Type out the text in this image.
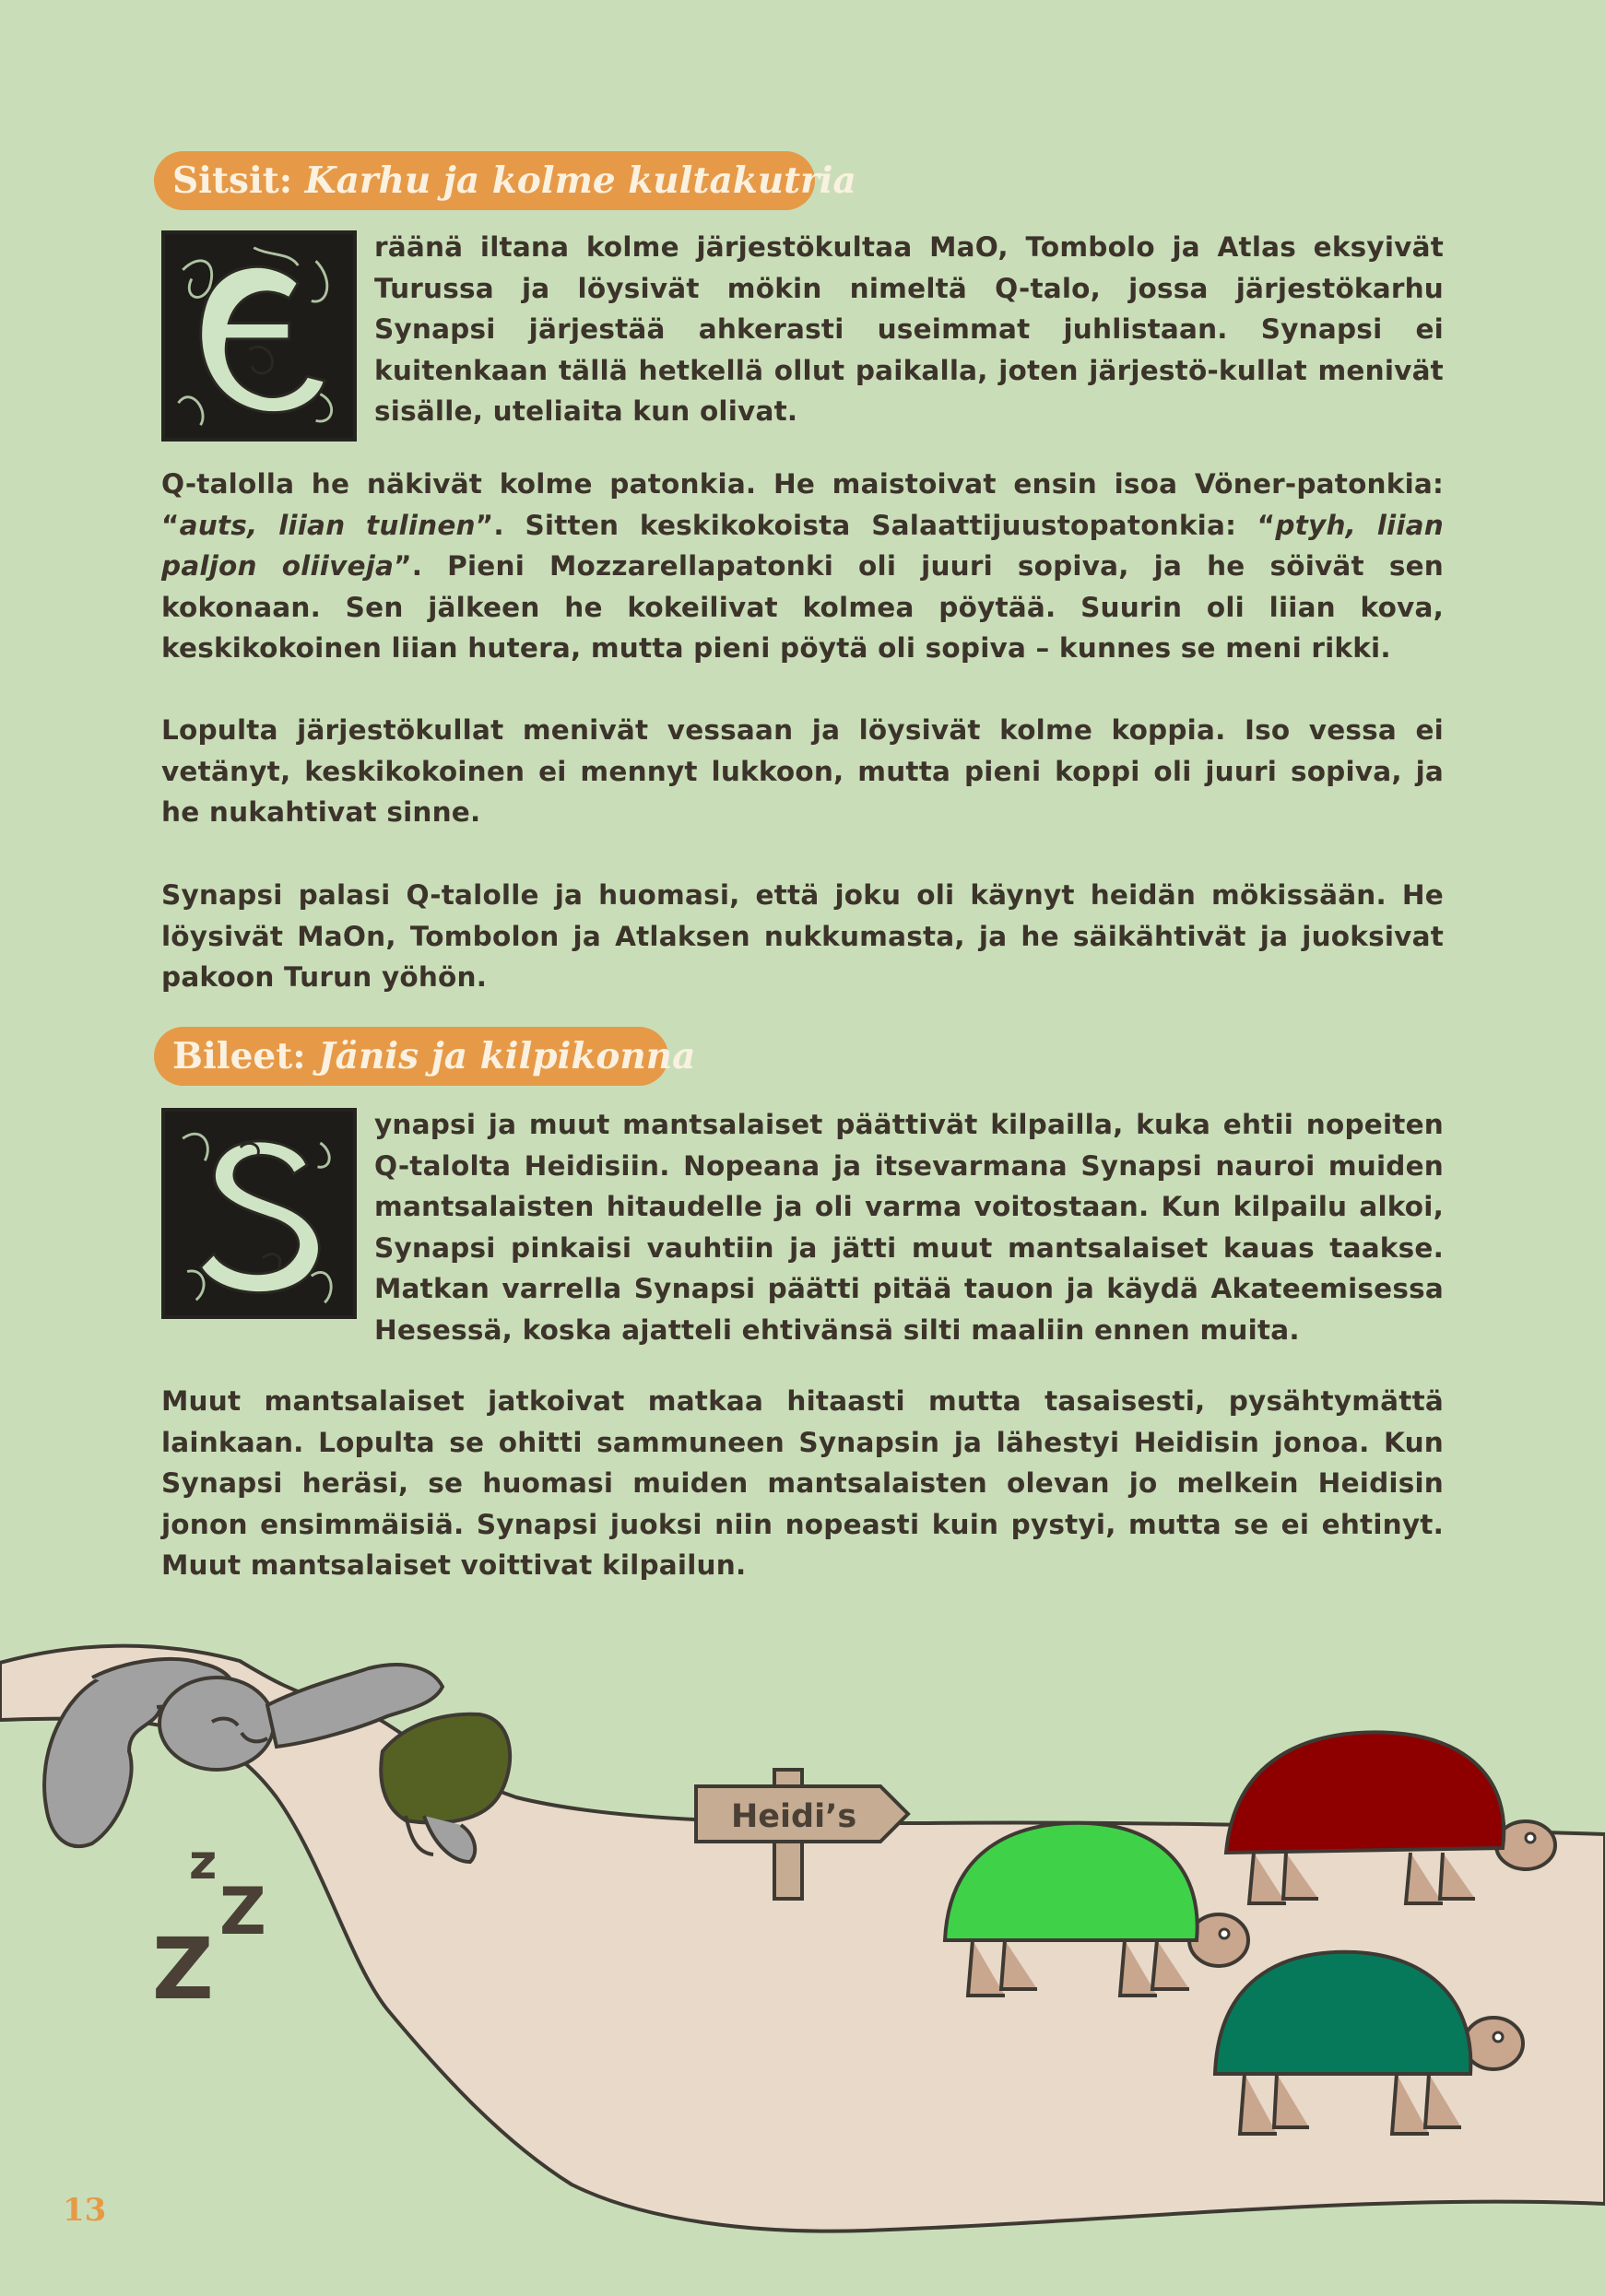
Sitsit: Karhu ja kolme kultakutria
E

räänä iltana kolme järjestökultaa MaO, Tombolo ja Atlas eksyivät Turussa ja löysivät mökin nimeltä Q-talo, jossa järjestökarhu Synapsi järjestää ahkerasti useimmat juhlistaan. Synapsi ei kuitenkaan tällä hetkellä ollut paikalla, joten järjestö-kullat menivät sisälle, uteliaita kun olivat.

Q-talolla he näkivät kolme patonkia. He maistoivat ensin isoa Vöner-patonkia: “auts, liian tulinen”. Sitten keskikokoista Salaattijuustopatonkia: “ptyh, liian paljon oliiveja”. Pieni Mozzarellapatonki oli juuri sopiva, ja he söivät sen kokonaan. Sen jälkeen he kokeilivat kolmea pöytää. Suurin oli liian kova, keskikokoinen liian hutera, mutta pieni pöytä oli sopiva – kunnes se meni rikki.

Lopulta järjestökullat menivät vessaan ja löysivät kolme koppia. Iso vessa ei vetänyt, keskikokoinen ei mennyt lukkoon, mutta pieni koppi oli juuri sopiva, ja he nukahtivat sinne.

Synapsi palasi Q-talolle ja huomasi, että joku oli käynyt heidän mökissään. He löysivät MaOn, Tombolon ja Atlaksen nukkumasta, ja he säikähtivät ja juoksivat pakoon Turun yöhön.

Bileet: Jänis ja kilpikonna
S

ynapsi ja muut mantsalaiset päättivät kilpailla, kuka ehtii nopeiten Q-talolta Heidisiin. Nopeana ja itsevarmana Synapsi nauroi muiden mantsalaisten hitaudelle ja oli varma voitostaan. Kun kilpailu alkoi, Synapsi pinkaisi vauhtiin ja jätti muut mantsalaiset kauas taakse. Matkan varrella Synapsi päätti pitää tauon ja käydä Akateemisessa Hesessä, koska ajatteli ehtivänsä silti maaliin ennen muita.

Muut mantsalaiset jatkoivat matkaa hitaasti mutta tasaisesti, pysähtymättä lainkaan. Lopulta se ohitti sammuneen Synapsin ja lähestyi Heidisin jonoa. Kun Synapsi heräsi, se huomasi muiden mantsalaisten olevan jo melkein Heidisin jonon ensimmäisiä. Synapsi juoksi niin nopeasti kuin pystyi, mutta se ei ehtinyt. Muut mantsalaiset voittivat kilpailun.

z
Z
Z
Heidi’s
13
